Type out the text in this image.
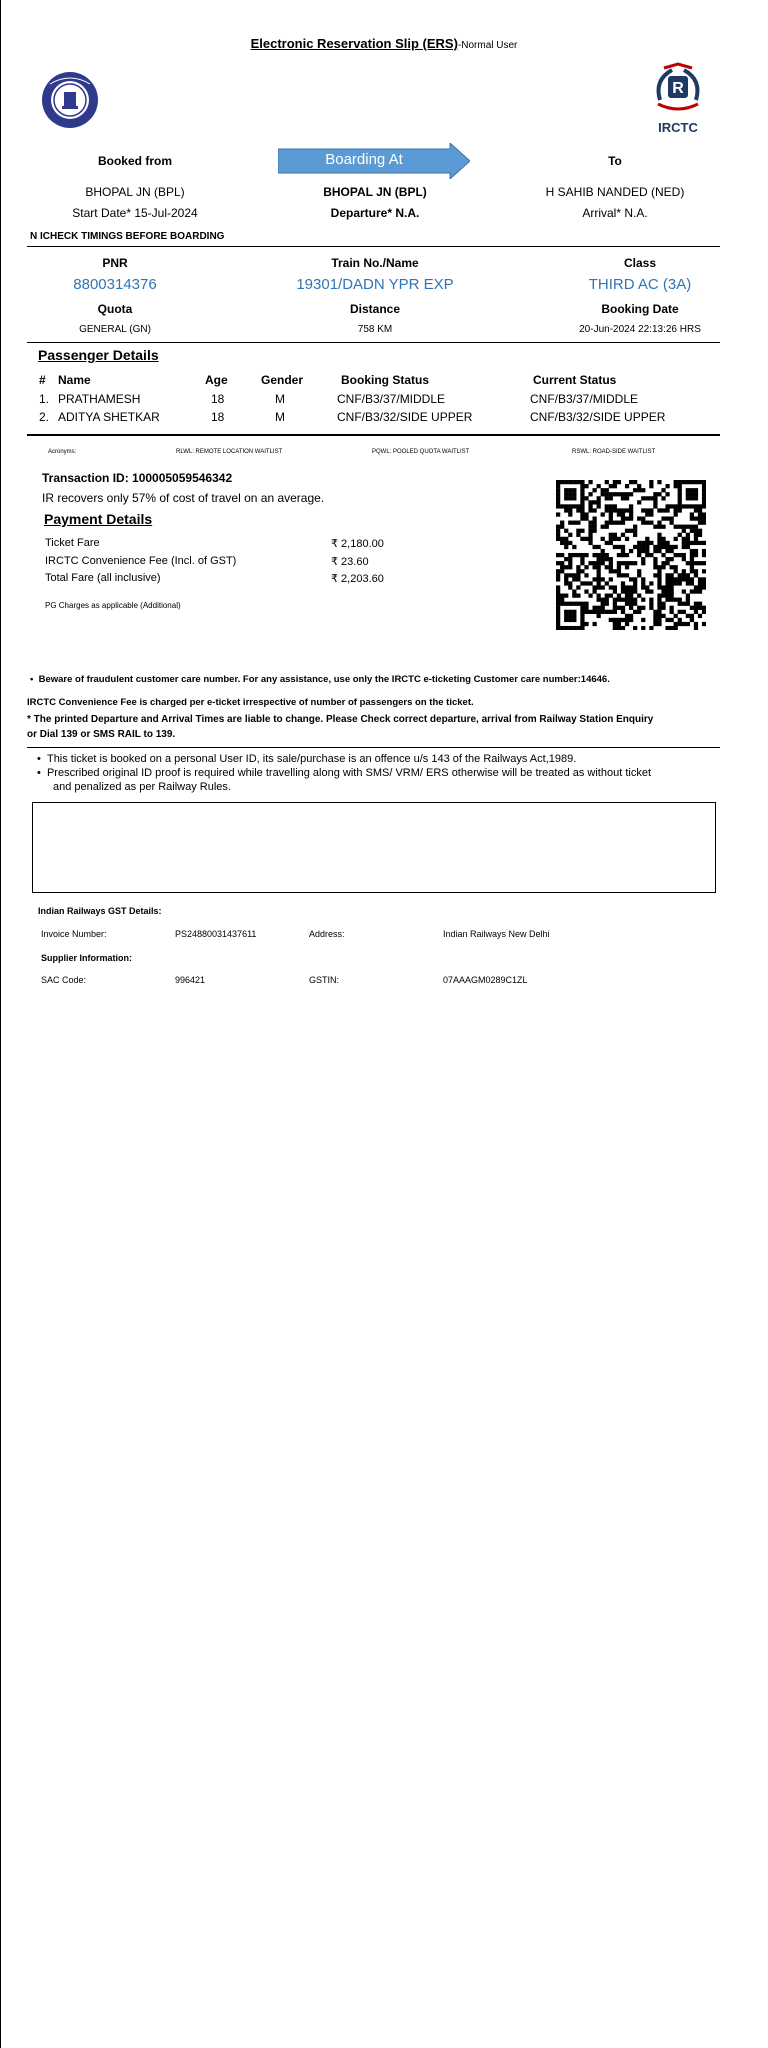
Electronic Reservation Slip (ERS)-Normal User
R
IRCTC
Booked from	Boarding At	To
BHOPAL JN (BPL)	BHOPAL JN (BPL)	H SAHIB NANDED (NED)
Start Date* 15-Jul-2024	Departure* N.A.	Arrival* N.A.
N ICHECK TIMINGS BEFORE BOARDING
PNR	Train No./Name	Class
8800314376	19301/DADN YPR EXP	THIRD AC (3A)
Quota	Distance	Booking Date
GENERAL (GN)	758 KM	20-Jun-2024 22:13:26 HRS
Passenger Details
# Name	Age	Gender	Booking Status	Current Status
1. PRATHAMESH	18	M	CNF/B3/37/MIDDLE	CNF/B3/37/MIDDLE
2. ADITYA SHETKAR	18	M	CNF/B3/32/SIDE UPPER	CNF/B3/32/SIDE UPPER
Acronyms:	RLWL: REMOTE LOCATION WAITLIST	PQWL: POOLED QUOTA WAITLIST	RSWL: ROAD-SIDE WAITLIST
Transaction ID: 100005059546342
IR recovers only 57% of cost of travel on an average.
Payment Details
Ticket Fare	₹ 2,180.00
IRCTC Convenience Fee (Incl. of GST)	₹ 23.60
Total Fare (all inclusive)	₹ 2,203.60
PG Charges as applicable (Additional)
•  Beware of fraudulent customer care number. For any assistance, use only the IRCTC e-ticketing Customer care number:14646.
IRCTC Convenience Fee is charged per e-ticket irrespective of number of passengers on the ticket.
* The printed Departure and Arrival Times are liable to change. Please Check correct departure, arrival from Railway Station Enquiry
or Dial 139 or SMS RAIL to 139.
•  This ticket is booked on a personal User ID, its sale/purchase is an offence u/s 143 of the Railways Act,1989.
•  Prescribed original ID proof is required while travelling along with SMS/ VRM/ ERS otherwise will be treated as without ticket
and penalized as per Railway Rules.
Indian Railways GST Details:
Invoice Number:	PS24880031437611	Address:	Indian Railways New Delhi
Supplier Information:
SAC Code:	996421	GSTIN:	07AAAGM0289C1ZL
